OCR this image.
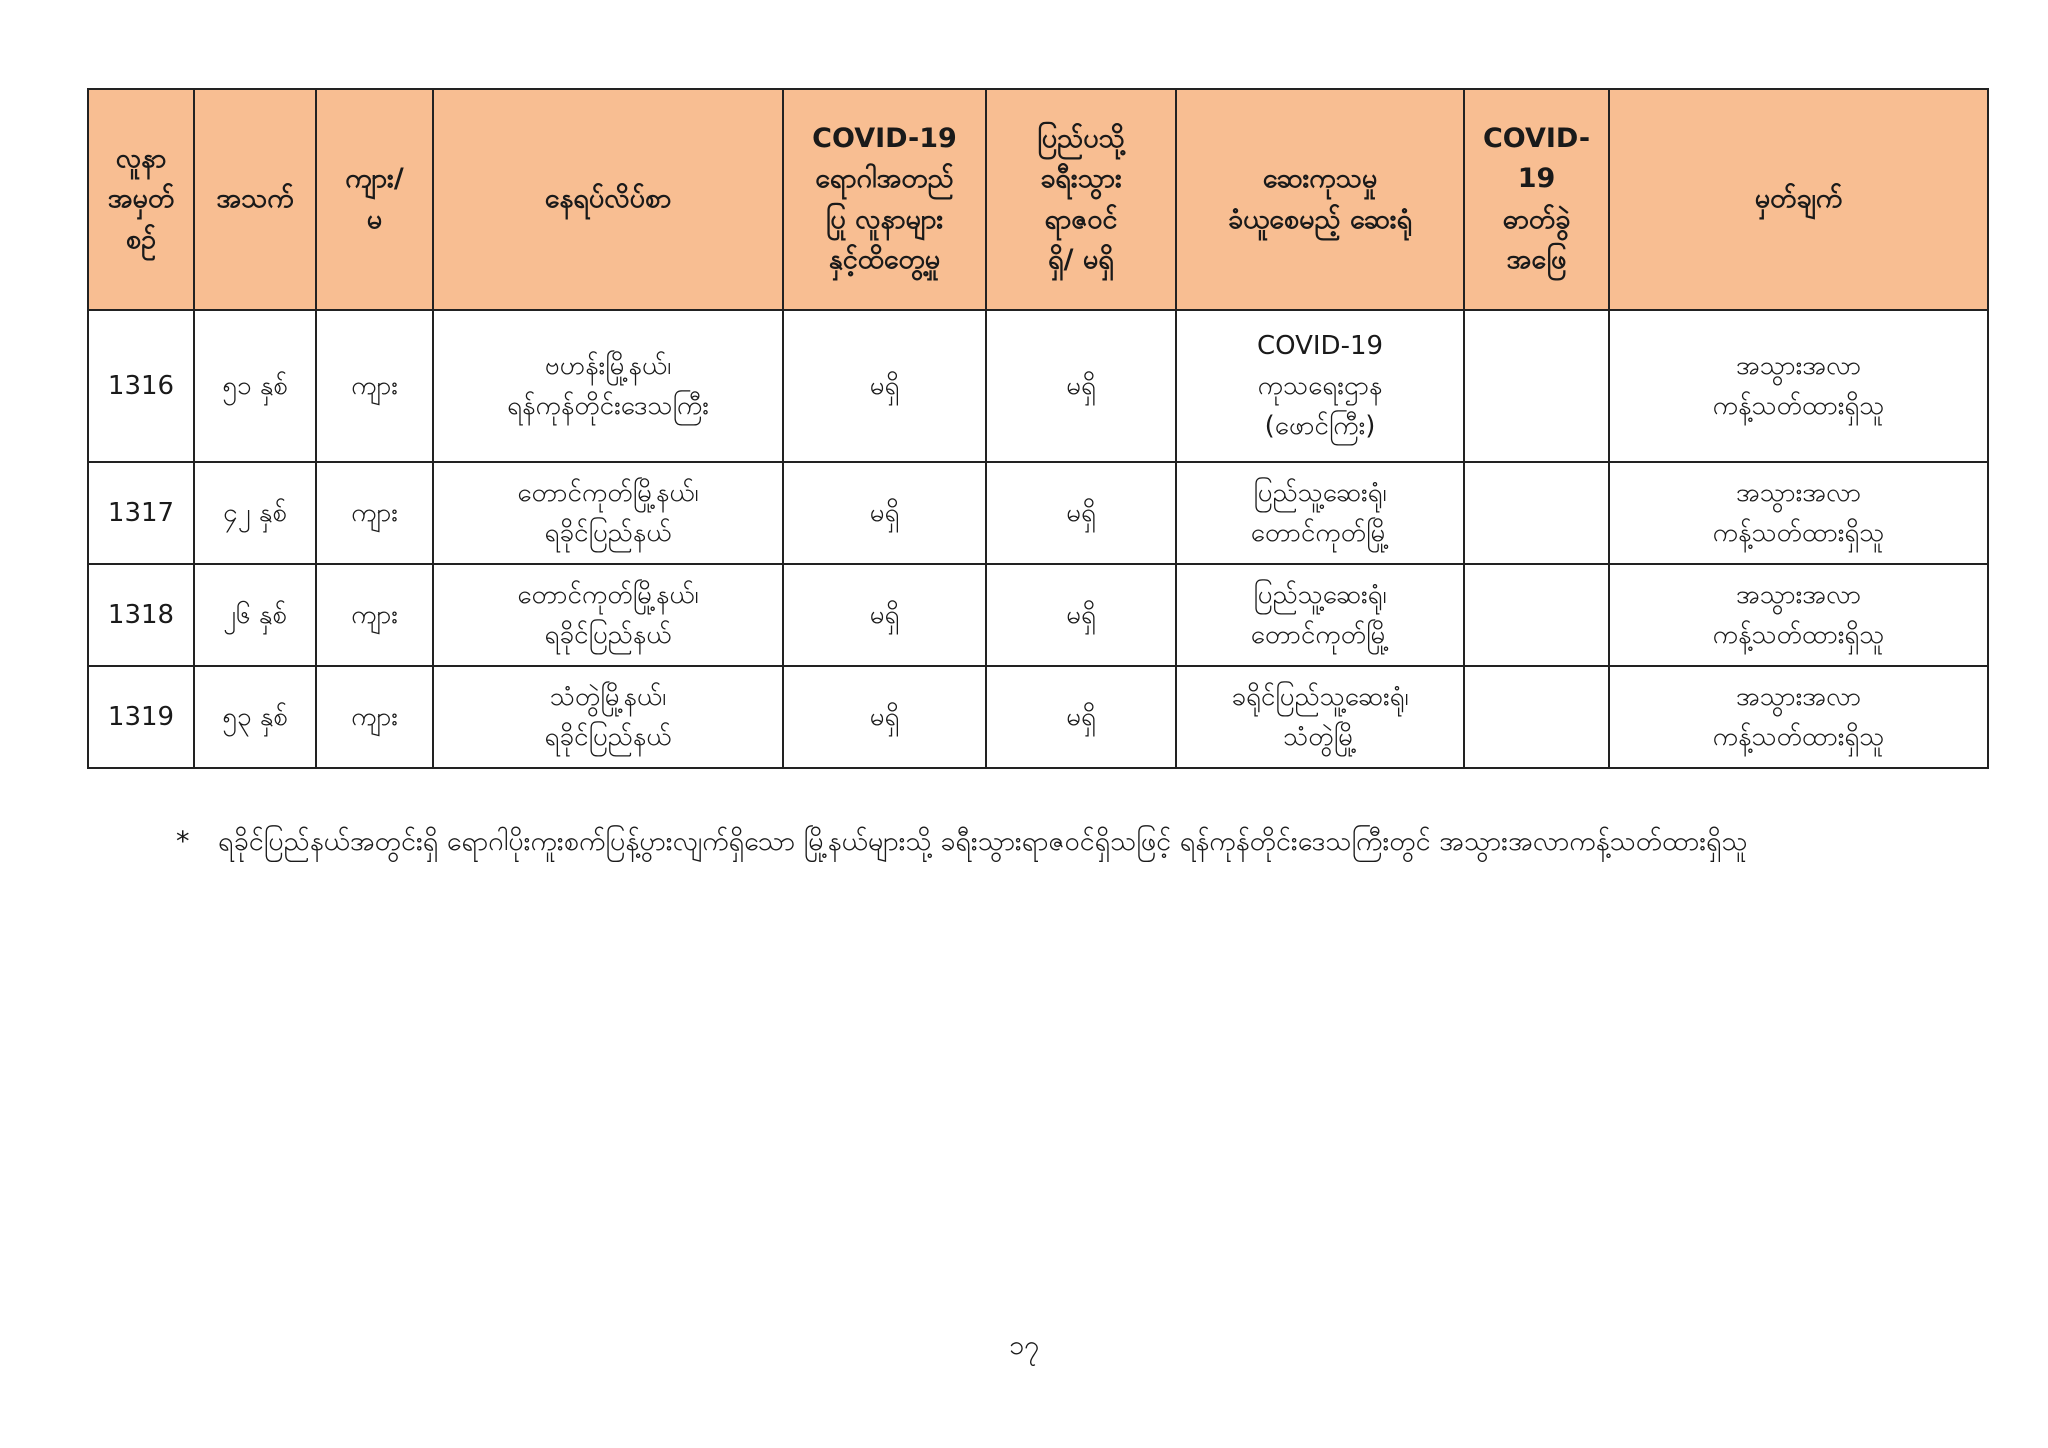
လူနာ
အမှတ်
စဉ်	အသက်	ကျား/
မ	နေရပ်လိပ်စာ	COVID-19
ရောဂါအတည်
ပြု လူနာများ
နှင့်ထိတွေ့မှု	ပြည်ပသို့
ခရီးသွား
ရာဇဝင်
ရှိ/ မရှိ	ဆေးကုသမှု
ခံယူစေမည့် ဆေးရုံ	COVID-
19
ဓာတ်ခွဲ
အဖြေ	မှတ်ချက်
1316	၅၁ နှစ်	ကျား	ဗဟန်းမြို့နယ်၊
ရန်ကုန်တိုင်းဒေသကြီး	မရှိ	မရှိ	COVID-19
ကုသရေးဌာန
(ဖောင်ကြီး)		အသွားအလာ
ကန့်သတ်ထားရှိသူ
1317	၄၂ နှစ်	ကျား	တောင်ကုတ်မြို့နယ်၊
ရခိုင်ပြည်နယ်	မရှိ	မရှိ	ပြည်သူ့ဆေးရုံ၊
တောင်ကုတ်မြို့		အသွားအလာ
ကန့်သတ်ထားရှိသူ
1318	၂၆ နှစ်	ကျား	တောင်ကုတ်မြို့နယ်၊
ရခိုင်ပြည်နယ်	မရှိ	မရှိ	ပြည်သူ့ဆေးရုံ၊
တောင်ကုတ်မြို့		အသွားအလာ
ကန့်သတ်ထားရှိသူ
1319	၅၃ နှစ်	ကျား	သံတွဲမြို့နယ်၊
ရခိုင်ပြည်နယ်	မရှိ	မရှိ	ခရိုင်ပြည်သူ့ဆေးရုံ၊
သံတွဲမြို့		အသွားအလာ
ကန့်သတ်ထားရှိသူ
* ရခိုင်ပြည်နယ်အတွင်းရှိ ရောဂါပိုးကူးစက်ပြန့်ပွားလျက်ရှိသော မြို့နယ်များသို့ ခရီးသွားရာဇဝင်ရှိသဖြင့် ရန်ကုန်တိုင်းဒေသကြီးတွင် အသွားအလာကန့်သတ်ထားရှိသူ
၁၇
